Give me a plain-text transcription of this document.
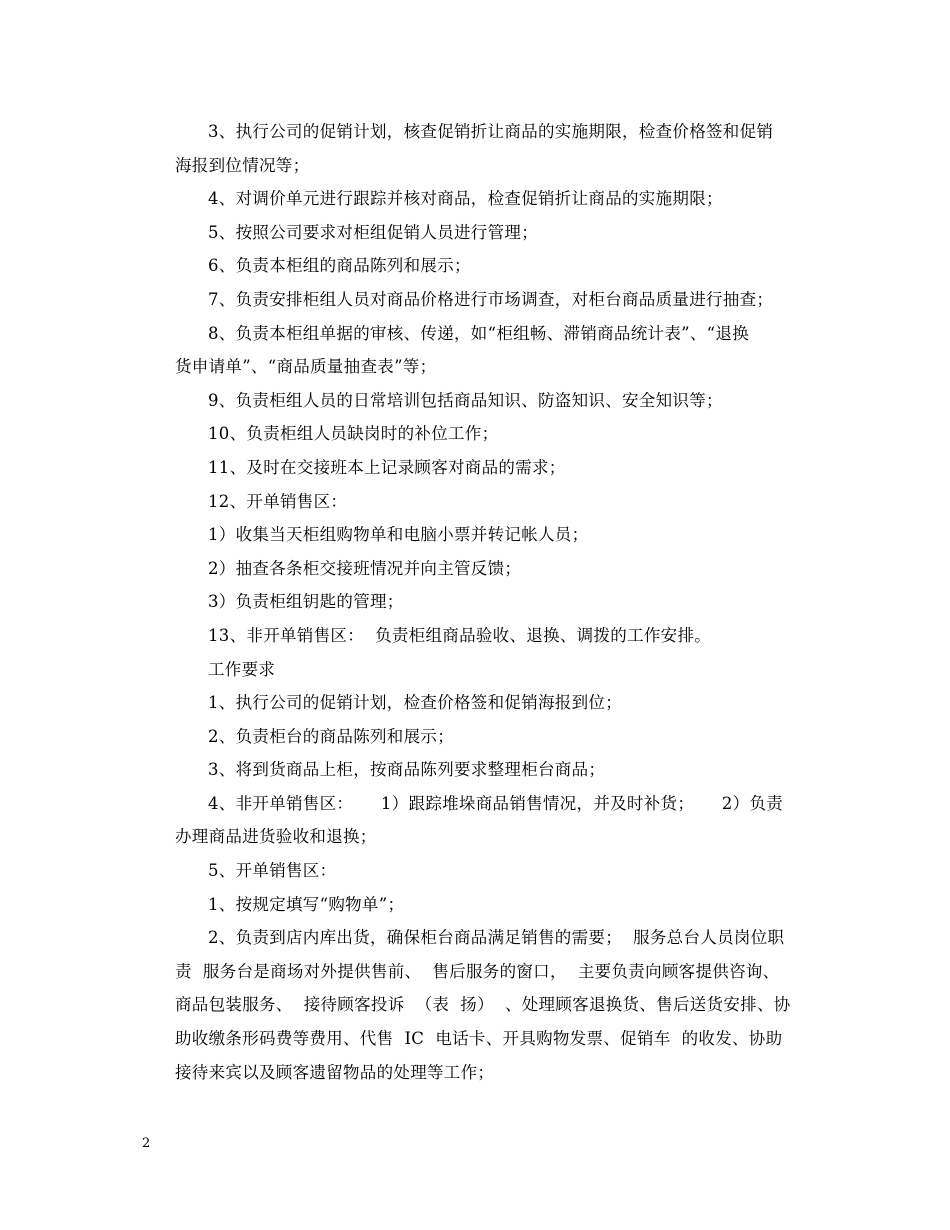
3、执行公司的促销计划，核查促销折让商品的实施期限，检查价格签和促销
海报到位情况等；
4、对调价单元进行跟踪并核对商品，检查促销折让商品的实施期限；
5、按照公司要求对柜组促销人员进行管理；
6、负责本柜组的商品陈列和展示；
7、负责安排柜组人员对商品价格进行市场调查，对柜台商品质量进行抽查；
8、负责本柜组单据的审核、传递，如“柜组畅、滞销商品统计表”、“退换
货申请单”、“商品质量抽查表”等；
9、负责柜组人员的日常培训包括商品知识、防盗知识、安全知识等；
10、负责柜组人员缺岗时的补位工作；
11、及时在交接班本上记录顾客对商品的需求；
12、开单销售区：
1）收集当天柜组购物单和电脑小票并转记帐人员；
2）抽查各条柜交接班情况并向主管反馈；
3）负责柜组钥匙的管理；
13、非开单销售区：  负责柜组商品验收、退换、调拨的工作安排。
工作要求
1、执行公司的促销计划，检查价格签和促销海报到位；
2、负责柜台的商品陈列和展示；
3、将到货商品上柜，按商品陈列要求整理柜台商品；
4、非开单销售区：     1）跟踪堆垛商品销售情况，并及时补货；     2）负责
办理商品进货验收和退换；
5、开单销售区：
1、按规定填写“购物单”；
2、负责到店内库出货，确保柜台商品满足销售的需要；  服务总台人员岗位职
责  服务台是商场对外提供售前、  售后服务的窗口，  主要负责向顾客提供咨询、
商品包装服务、  接待顾客投诉  （表  扬）  、处理顾客退换货、售后送货安排、协
助收缴条形码费等费用、代售  IC  电话卡、开具购物发票、促销车  的收发、协助
接待来宾以及顾客遗留物品的处理等工作；
2
